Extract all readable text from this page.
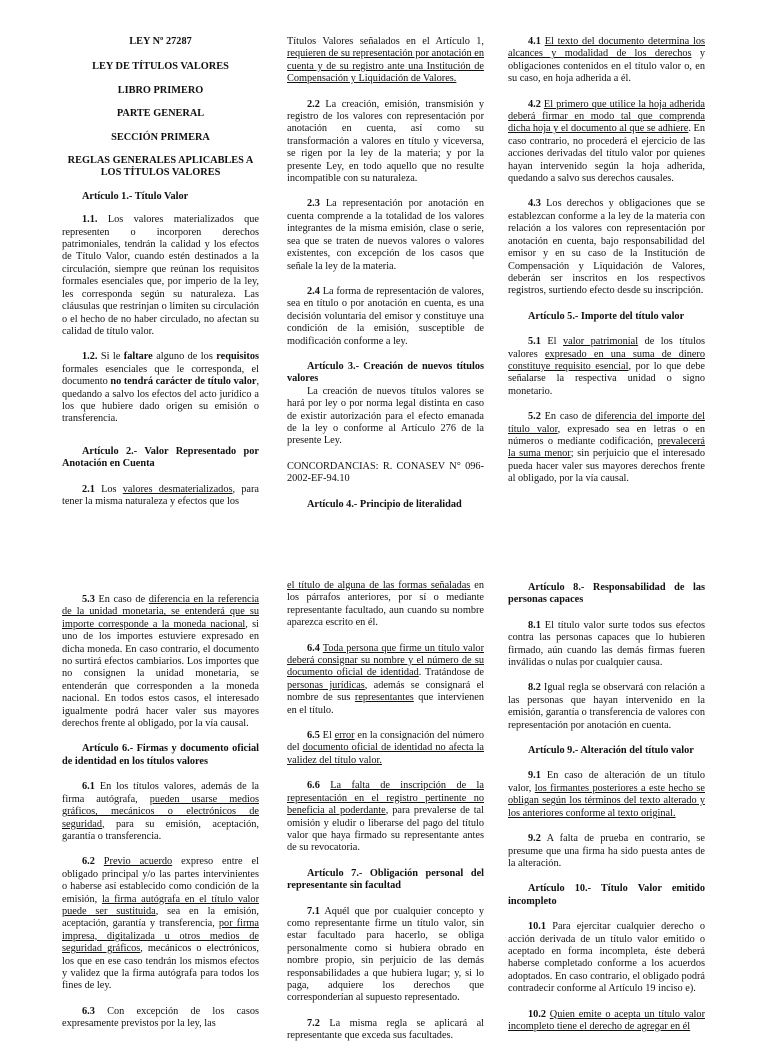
LEY Nº 27287

LEY DE TÍTULOS VALORES

LIBRO PRIMERO

PARTE GENERAL

SECCIÓN PRIMERA

REGLAS GENERALES APLICABLES A LOS TÍTULOS VALORES

Artículo 1.- Título Valor

1.1. Los valores materializados que representen o incorporen derechos patrimoniales, tendrán la calidad y los efectos de Título Valor, cuando estén destinados a la circulación, siempre que reúnan los requisitos formales esenciales que, por imperio de la ley, les corresponda según su naturaleza. Las cláusulas que restrinjan o limiten su circulación o el hecho de no haber circulado, no afectan su calidad de título valor.

1.2. Si le faltare alguno de los requisitos formales esenciales que le corresponda, el documento no tendrá carácter de título valor, quedando a salvo los efectos del acto jurídico a los que hubiere dado origen su emisión o transferencia.

Artículo 2.- Valor Representado por Anotación en Cuenta

2.1 Los valores desmaterializados, para tener la misma naturaleza y efectos que los

Títulos Valores señalados en el Artículo 1, requieren de su representación por anotación en cuenta y de su registro ante una Institución de Compensación y Liquidación de Valores.

2.2 La creación, emisión, transmisión y registro de los valores con representación por anotación en cuenta, así como su transformación a valores en título y viceversa, se rigen por la ley de la materia; y por la presente Ley, en todo aquello que no resulte incompatible con su naturaleza.

2.3 La representación por anotación en cuenta comprende a la totalidad de los valores integrantes de la misma emisión, clase o serie, sea que se traten de nuevos valores o valores existentes, con excepción de los casos que señale la ley de la materia.

2.4 La forma de representación de valores, sea en título o por anotación en cuenta, es una decisión voluntaria del emisor y constituye una condición de la emisión, susceptible de modificación conforme a ley.

Artículo 3.- Creación de nuevos títulos valores

La creación de nuevos títulos valores se hará por ley o por norma legal distinta en caso de existir autorización para el efecto emanada de la ley o conforme al Artículo 276 de la presente Ley.

CONCORDANCIAS: R. CONASEV N° 096-2002-EF-94.10

Artículo 4.- Principio de literalidad

4.1 El texto del documento determina los alcances y modalidad de los derechos y obligaciones contenidos en el título valor o, en su caso, en hoja adherida a él.

4.2 El primero que utilice la hoja adherida deberá firmar en modo tal que comprenda dicha hoja y el documento al que se adhiere. En caso contrario, no procederá el ejercicio de las acciones derivadas del título valor por quienes hayan intervenido según la hoja adherida, quedando a salvo sus derechos causales.

4.3 Los derechos y obligaciones que se establezcan conforme a la ley de la materia con relación a los valores con representación por anotación en cuenta, bajo responsabilidad del emisor y en su caso de la Institución de Compensación y Liquidación de Valores, deberán ser inscritos en los respectivos registros, surtiendo efecto desde su inscripción.

Artículo 5.- Importe del título valor

5.1 El valor patrimonial de los títulos valores expresado en una suma de dinero constituye requisito esencial, por lo que debe señalarse la respectiva unidad o signo monetario.

5.2 En caso de diferencia del importe del título valor, expresado sea en letras o en números o mediante codificación, prevalecerá la suma menor; sin perjuicio que el interesado pueda hacer valer sus mayores derechos frente al obligado, por la vía causal.

5.3 En caso de diferencia en la referencia de la unidad monetaria, se entenderá que su importe corresponde a la moneda nacional, si uno de los importes estuviere expresado en dicha moneda. En caso contrario, el documento no surtirá efectos cambiarios. Los importes que no consignen la unidad monetaria, se entenderán que corresponden a la moneda nacional. En todos estos casos, el interesado igualmente podrá hacer valer sus mayores derechos frente al obligado, por la vía causal.

Artículo 6.- Firmas y documento oficial de identidad en los títulos valores

6.1 En los títulos valores, además de la firma autógrafa, pueden usarse medios gráficos, mecánicos o electrónicos de seguridad, para su emisión, aceptación, garantía o transferencia.

6.2 Previo acuerdo expreso entre el obligado principal y/o las partes intervinientes o haberse así establecido como condición de la emisión, la firma autógrafa en el título valor puede ser sustituida, sea en la emisión, aceptación, garantía y transferencia, por firma impresa, digitalizada u otros medios de seguridad gráficos, mecánicos o electrónicos, los que en ese caso tendrán los mismos efectos y validez que la firma autógrafa para todos los fines de ley.

6.3 Con excepción de los casos expresamente previstos por la ley, las

el título de alguna de las formas señaladas en los párrafos anteriores, por sí o mediante representante facultado, aun cuando su nombre aparezca escrito en él.

6.4 Toda persona que firme un título valor deberá consignar su nombre y el número de su documento oficial de identidad. Tratándose de personas jurídicas, además se consignará el nombre de sus representantes que intervienen en el título.

6.5 El error en la consignación del número del documento oficial de identidad no afecta la validez del título valor.

6.6 La falta de inscripción de la representación en el registro pertinente no beneficia al poderdante, para prevalerse de tal omisión y eludir o liberarse del pago del título valor que haya firmado su representante antes de su revocatoria.

Artículo 7.- Obligación personal del representante sin facultad

7.1 Aquél que por cualquier concepto y como representante firme un título valor, sin estar facultado para hacerlo, se obliga personalmente como si hubiera obrado en nombre propio, sin perjuicio de las demás responsabilidades a que hubiera lugar; y, si lo paga, adquiere los derechos que corresponderían al supuesto representado.

7.2 La misma regla se aplicará al representante que exceda sus facultades.

Artículo 8.- Responsabilidad de las personas capaces

8.1 El título valor surte todos sus efectos contra las personas capaces que lo hubieren firmado, aún cuando las demás firmas fueren inválidas o nulas por cualquier causa.

8.2 Igual regla se observará con relación a las personas que hayan intervenido en la emisión, garantía o transferencia de valores con representación por anotación en cuenta.

Artículo 9.- Alteración del título valor

9.1 En caso de alteración de un título valor, los firmantes posteriores a este hecho se obligan según los términos del texto alterado y los anteriores conforme al texto original.

9.2 A falta de prueba en contrario, se presume que una firma ha sido puesta antes de la alteración.

Artículo 10.- Título Valor emitido incompleto

10.1 Para ejercitar cualquier derecho o acción derivada de un título valor emitido o aceptado en forma incompleta, éste deberá haberse completado conforme a los acuerdos adoptados. En caso contrario, el obligado podrá contradecir conforme al Artículo 19 inciso e).

10.2 Quien emite o acepta un título valor incompleto tiene el derecho de agregar en él
